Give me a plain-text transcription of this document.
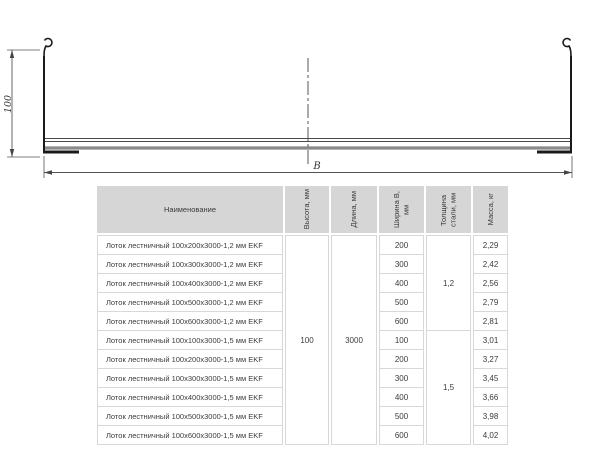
100
B
Наименование
Лоток лестничный 100х200х3000-1,2 мм EKF
Лоток лестничный 100х300х3000-1,2 мм EKF
Лоток лестничный 100х400х3000-1,2 мм EKF
Лоток лестничный 100х500х3000-1,2 мм EKF
Лоток лестничный 100х600х3000-1,2 мм EKF
Лоток лестничный 100х100х3000-1,5 мм EKF
Лоток лестничный 100х200х3000-1,5 мм EKF
Лоток лестничный 100х300х3000-1,5 мм EKF
Лоток лестничный 100х400х3000-1,5 мм EKF
Лоток лестничный 100х500х3000-1,5 мм EKF
Лоток лестничный 100х600х3000-1,5 мм EKF
Высота, мм
100
Длина, мм
3000
Ширина В, мм
200
300
400
500
600
100
200
300
400
500
600
Толщина стали, мм
1,2
1,5
Масса, кг
2,29
2,42
2,56
2,79
2,81
3,01
3,27
3,45
3,66
3,98
4,02
